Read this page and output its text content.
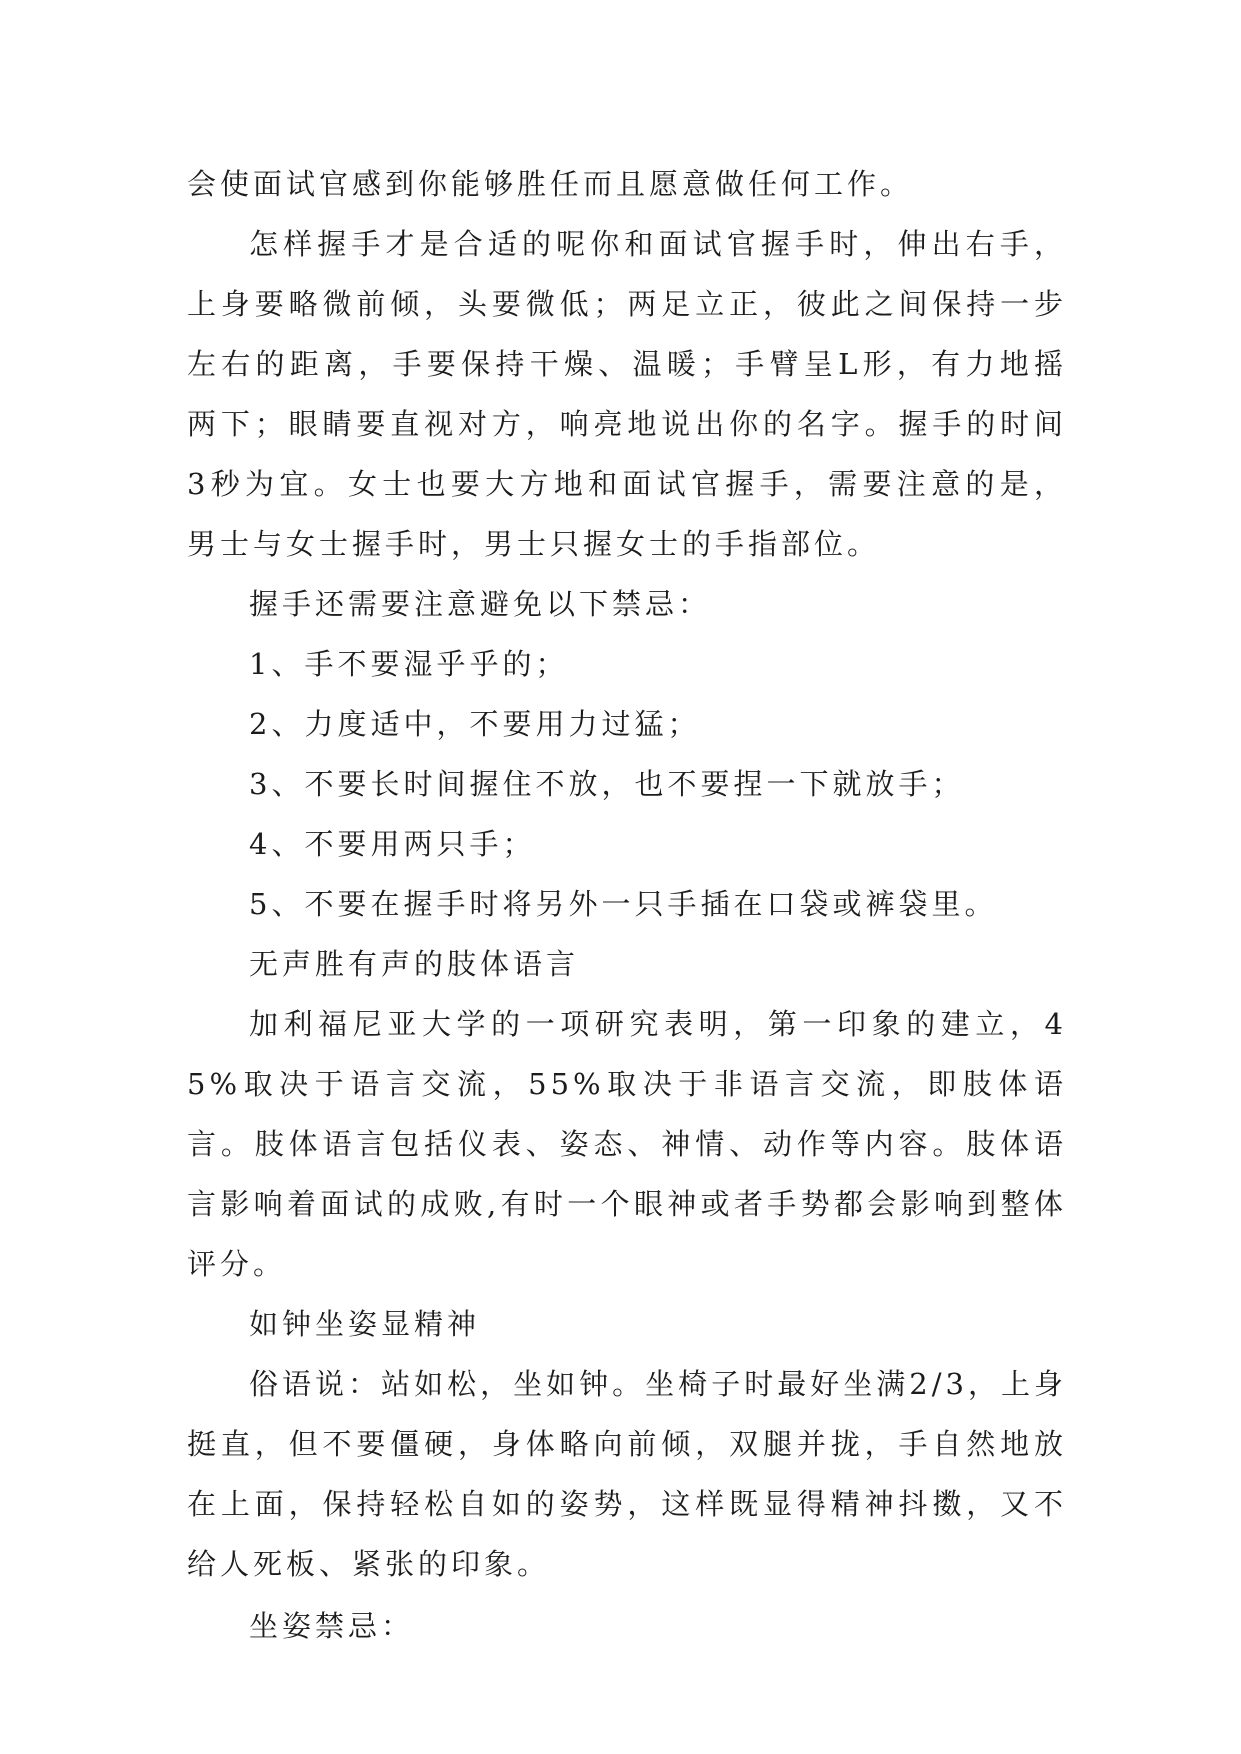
会使面试官感到你能够胜任而且愿意做任何工作。

怎样握手才是合适的呢你和面试官握手时，伸出右手，上身要略微前倾，头要微低；两足立正，彼此之间保持一步左右的距离，手要保持干燥、温暖；手臂呈L形，有力地摇两下；眼睛要直视对方，响亮地说出你的名字。握手的时间3秒为宜。女士也要大方地和面试官握手，需要注意的是，男士与女士握手时，男士只握女士的手指部位。

握手还需要注意避免以下禁忌：

1、手不要湿乎乎的；

2、力度适中，不要用力过猛；

3、不要长时间握住不放，也不要捏一下就放手；

4、不要用两只手；

5、不要在握手时将另外一只手插在口袋或裤袋里。

无声胜有声的肢体语言

加利福尼亚大学的一项研究表明，第一印象的建立，45%取决于语言交流，55%取决于非语言交流，即肢体语言。肢体语言包括仪表、姿态、神情、动作等内容。肢体语言影响着面试的成败,有时一个眼神或者手势都会影响到整体评分。

如钟坐姿显精神

俗语说：站如松，坐如钟。坐椅子时最好坐满2/3，上身挺直，但不要僵硬，身体略向前倾，双腿并拢，手自然地放在上面，保持轻松自如的姿势，这样既显得精神抖擞，又不给人死板、紧张的印象。

坐姿禁忌：
